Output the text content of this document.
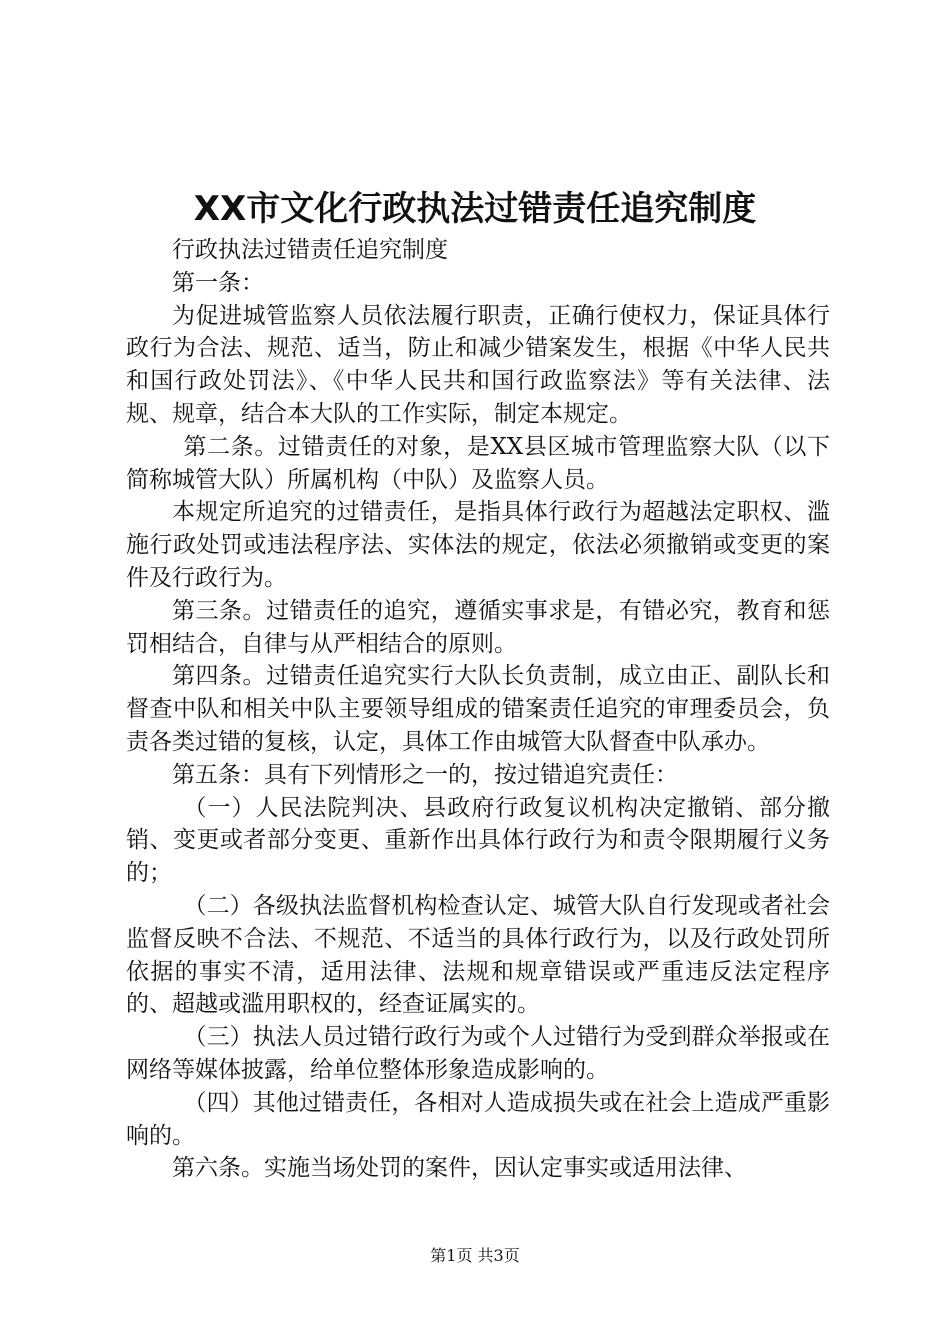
XX市文化行政执法过错责任追究制度

行政执法过错责任追究制度

第一条：

为促进城管监察人员依法履行职责，正确行使权力，保证具体行政行为合法、规范、适当，防止和减少错案发生，根据《中华人民共和国行政处罚法》、《中华人民共和国行政监察法》等有关法律、法规、规章，结合本大队的工作实际，制定本规定。

第二条。过错责任的对象，是XX县区城市管理监察大队（以下简称城管大队）所属机构（中队）及监察人员。

本规定所追究的过错责任，是指具体行政行为超越法定职权、滥施行政处罚或违法程序法、实体法的规定，依法必须撤销或变更的案件及行政行为。

第三条。过错责任的追究，遵循实事求是，有错必究，教育和惩罚相结合，自律与从严相结合的原则。

第四条。过错责任追究实行大队长负责制，成立由正、副队长和督查中队和相关中队主要领导组成的错案责任追究的审理委员会，负责各类过错的复核，认定，具体工作由城管大队督查中队承办。

第五条：具有下列情形之一的，按过错追究责任：

（一）人民法院判决、县政府行政复议机构决定撤销、部分撤销、变更或者部分变更、重新作出具体行政行为和责令限期履行义务的；

（二）各级执法监督机构检查认定、城管大队自行发现或者社会监督反映不合法、不规范、不适当的具体行政行为，以及行政处罚所依据的事实不清，适用法律、法规和规章错误或严重违反法定程序的、超越或滥用职权的，经查证属实的。

（三）执法人员过错行政行为或个人过错行为受到群众举报或在网络等媒体披露，给单位整体形象造成影响的。

（四）其他过错责任，各相对人造成损失或在社会上造成严重影响的。

第六条。实施当场处罚的案件，因认定事实或适用法律、

第1页 共3页
